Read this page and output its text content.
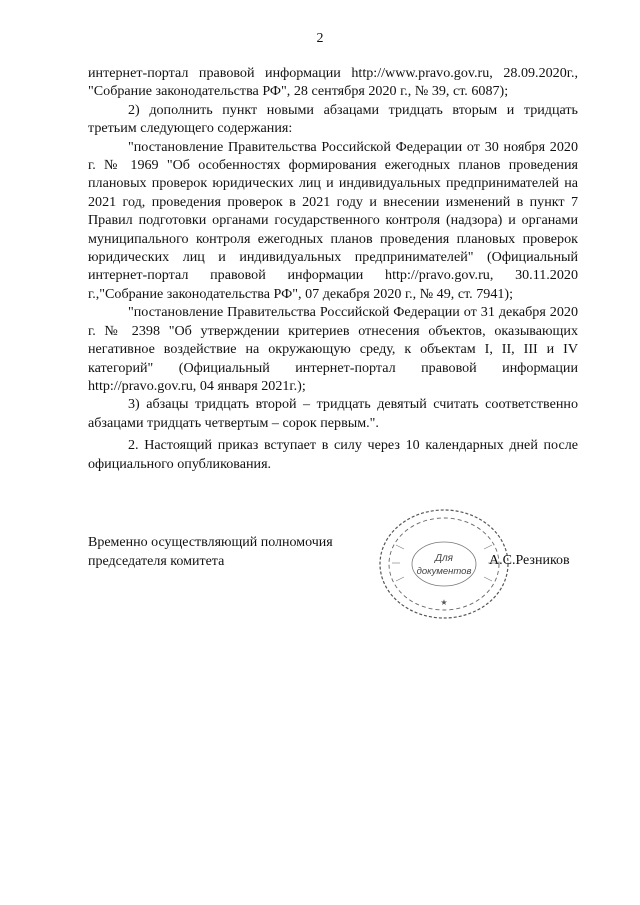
2

интернет-портал правовой информации http://www.pravo.gov.ru, 28.09.2020г., "Собрание законодательства РФ", 28 сентября 2020 г., № 39, ст. 6087);

2) дополнить пункт новыми абзацами тридцать вторым и тридцать третьим следующего содержания:

"постановление Правительства Российской Федерации от 30 ноября 2020 г. № 1969 "Об особенностях формирования ежегодных планов проведения плановых проверок юридических лиц и индивидуальных предпринимателей на 2021 год, проведения проверок в 2021 году и внесении изменений в пункт 7 Правил подготовки органами государственного контроля (надзора) и органами муниципального контроля ежегодных планов проведения плановых проверок юридических лиц и индивидуальных предпринимателей" (Официальный интернет-портал правовой информации http://pravo.gov.ru, 30.11.2020 г.,"Собрание законодательства РФ", 07 декабря 2020 г., № 49, ст. 7941);

"постановление Правительства Российской Федерации от 31 декабря 2020 г. № 2398 "Об утверждении критериев отнесения объектов, оказывающих негативное воздействие на окружающую среду, к объектам I, II, III и IV категорий" (Официальный интернет-портал правовой информации http://pravo.gov.ru, 04 января 2021г.);

3) абзацы тридцать второй – тридцать девятый считать соответственно абзацами тридцать четвертым – сорок первым.".

2. Настоящий приказ вступает в силу через 10 календарных дней после официального опубликования.

Временно осуществляющий полномочия
председателя комитета	Для
документов
★
А.С.Резников
